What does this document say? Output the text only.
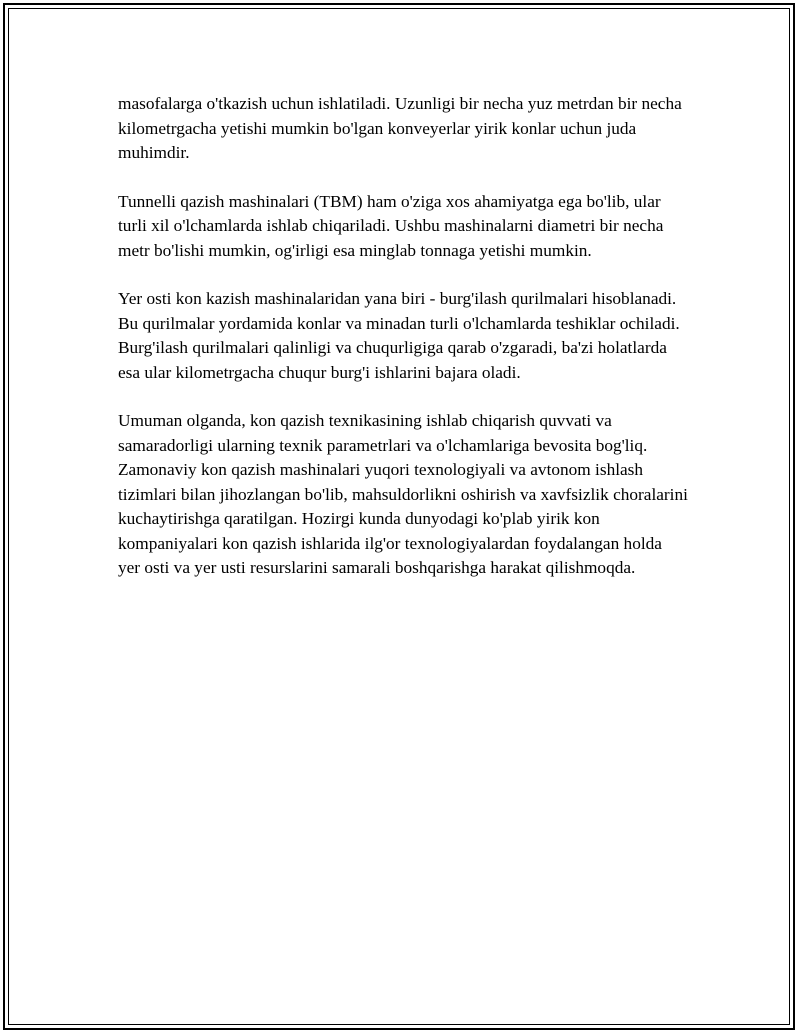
masofalarga o'tkazish uchun ishlatiladi. Uzunligi bir necha yuz metrdan bir necha kilometrgacha yetishi mumkin bo'lgan konveyerlar yirik konlar uchun juda muhimdir.

Tunnelli qazish mashinalari (TBM) ham o'ziga xos ahamiyatga ega bo'lib, ular turli xil o'lchamlarda ishlab chiqariladi. Ushbu mashinalarni diametri bir necha metr bo'lishi mumkin, og'irligi esa minglab tonnaga yetishi mumkin.

Yer osti kon kazish mashinalaridan yana biri - burg'ilash qurilmalari hisoblanadi. Bu qurilmalar yordamida konlar va minadan turli o'lchamlarda teshiklar ochiladi. Burg'ilash qurilmalari qalinligi va chuqurligiga qarab o'zgaradi, ba'zi holatlarda esa ular kilometrgacha chuqur burg'i ishlarini bajara oladi.

Umuman olganda, kon qazish texnikasining ishlab chiqarish quvvati va samaradorligi ularning texnik parametrlari va o'lchamlariga bevosita bog'liq. Zamonaviy kon qazish mashinalari yuqori texnologiyali va avtonom ishlash tizimlari bilan jihozlangan bo'lib, mahsuldorlikni oshirish va xavfsizlik choralarini kuchaytirishga qaratilgan. Hozirgi kunda dunyodagi ko'plab yirik kon kompaniyalari kon qazish ishlarida ilg'or texnologiyalardan foydalangan holda yer osti va yer usti resurslarini samarali boshqarishga harakat qilishmoqda.
